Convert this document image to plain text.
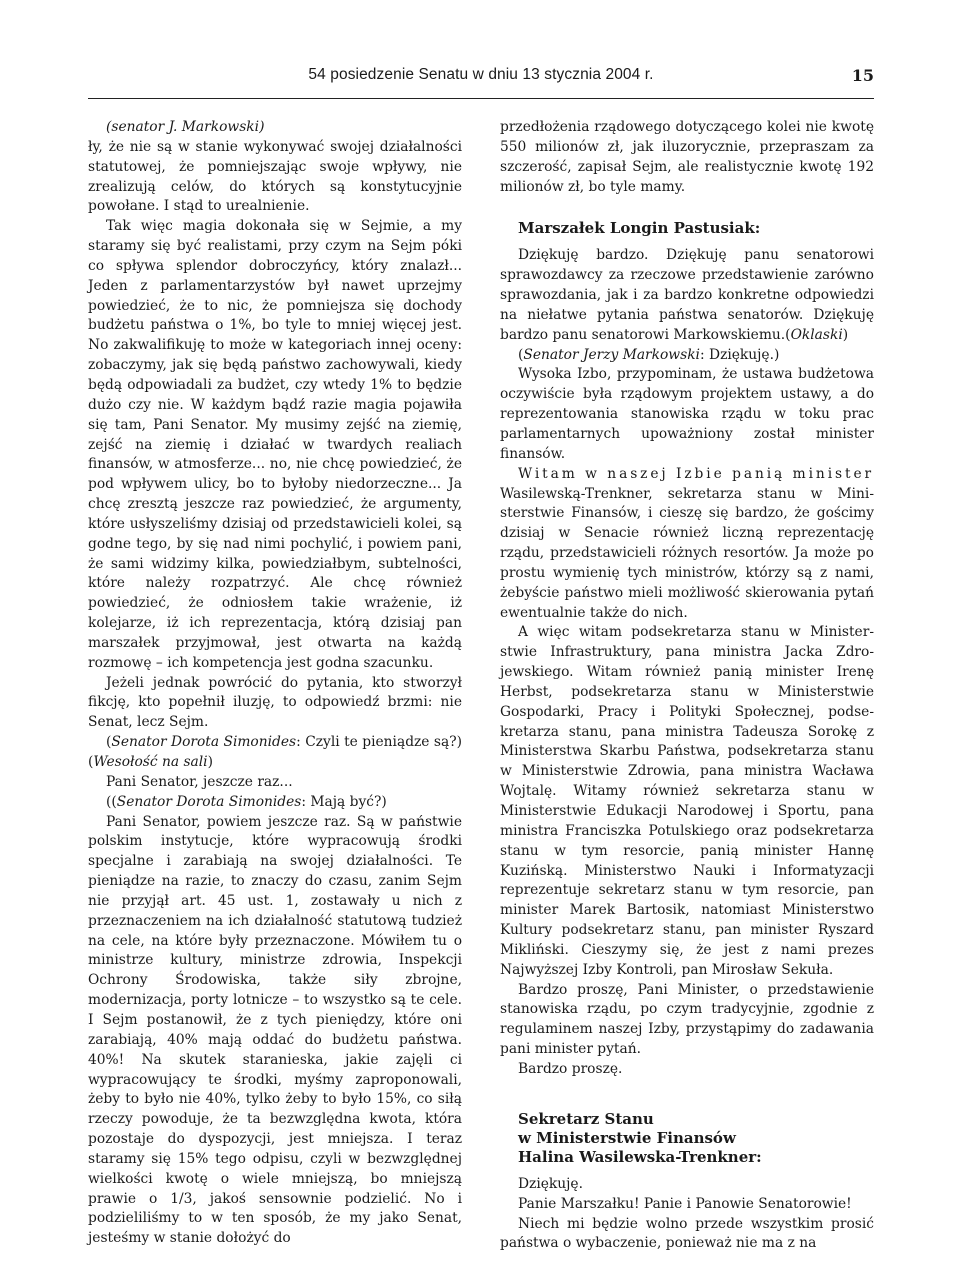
54 posiedzenie Senatu w dniu 13 stycznia 2004 r.	15

(senator J. Markowski)

ły, że nie są w stanie wykonywać swojej działalności statutowej, że pomniejszając swoje wpływy, nie zrealizują celów, do których są konstytucyjnie powołane. I stąd to urealnienie.

Tak więc magia dokonała się w Sejmie, a my staramy się być realistami, przy czym na Sejm póki co spływa splendor dobroczyńcy, który znalazł... Jeden z parlamentarzystów był nawet uprzejmy powiedzieć, że to nic, że pomniejsza się dochody budżetu państwa o 1%, bo tyle to mniej więcej jest. No zakwalifikuję to może w kategoriach innej oceny: zobaczymy, jak się będą państwo zachowywali, kiedy będą odpowiadali za budżet, czy wtedy 1% to będzie dużo czy nie. W każdym bądź razie magia pojawiła się tam, Pani Senator. My musimy zejść na ziemię, zejść na ziemię i działać w twardych realiach finansów, w atmosferze... no, nie chcę powiedzieć, że pod wpływem ulicy, bo to byłoby niedorzeczne... Ja chcę zresztą jeszcze raz powiedzieć, że argumenty, które usłyszeliśmy dzisiaj od przedstawicieli kolei, są godne tego, by się nad nimi pochylić, i powiem pani, że sami widzimy kilka, powiedziałbym, subtelności, które należy rozpatrzyć. Ale chcę również powiedzieć, że odniosłem takie wrażenie, iż kolejarze, iż ich reprezentacja, którą dzisiaj pan marszałek przyjmował, jest otwarta na każdą rozmowę – ich kompetencja jest godna szacunku.

Jeżeli jednak powrócić do pytania, kto stworzył fikcję, kto popełnił iluzję, to odpowiedź brzmi: nie Senat, lecz Sejm.

(Senator Dorota Simonides: Czyli te pieniądze są?) (Wesołość na sali)

Pani Senator, jeszcze raz...

((Senator Dorota Simonides: Mają być?)

Pani Senator, powiem jeszcze raz. Są w państwie polskim instytucje, które wypracowują środki specjalne i zarabiają na swojej działalności. Te pieniądze na razie, to znaczy do czasu, zanim Sejm nie przyjął art. 45 ust. 1, zostawały u nich z przeznaczeniem na ich działalność statutową tudzież na cele, na które były przeznaczone. Mówiłem tu o ministrze kultury, ministrze zdrowia, Inspekcji Ochrony Środowiska, także siły zbrojne, modernizacja, porty lotnicze – to wszystko są te cele. I Sejm postanowił, że z tych pieniędzy, które oni zarabiają, 40% mają oddać do budżetu państwa. 40%! Na skutek staranieska, jakie zajęli ci wypracowujący te środki, myśmy zaproponowali, żeby to było nie 40%, tylko żeby to było 15%, co siłą rzeczy powoduje, że ta bezwzględna kwota, która pozostaje do dyspozycji, jest mniejsza. I teraz staramy się 15% tego odpisu, czyli w bezwzględnej wielkości kwotę o wiele mniejszą, bo mniejszą prawie o 1/3, jakoś sensownie podzielić. No i podzieliliśmy to w ten sposób, że my jako Senat, jesteśmy w stanie dołożyć do

przedłożenia rządowego dotyczącego kolei nie kwotę 550 milionów zł, jak iluzorycznie, przepraszam za szczerość, zapisał Sejm, ale realistycznie kwotę 192 milionów zł, bo tyle mamy.

Marszałek Longin Pastusiak:

Dziękuję bardzo. Dziękuję panu senatorowi sprawozdawcy za rzeczowe przedstawienie zarówno sprawozdania, jak i za bardzo konkretne odpowiedzi na niełatwe pytania państwa senatorów. Dziękuję bardzo panu senatorowi Markowskiemu.(Oklaski)

(Senator Jerzy Markowski: Dziękuję.)

Wysoka Izbo, przypominam, że ustawa budżetowa oczywiście była rządowym projektem ustawy, a do reprezentowania stanowiska rządu w toku prac parlamentarnych upoważniony został minister finansów.

Witam w naszej Izbie panią minister Wasilewską-Trenkner, sekretarza stanu w Ministerstwie Finansów, i cieszę się bardzo, że gościmy dzisiaj w Senacie również liczną reprezentację rządu, przedstawicieli różnych resortów. Ja może po prostu wymienię tych ministrów, którzy są z nami, żebyście państwo mieli możliwość skierowania pytań ewentualnie także do nich.

A więc witam podsekretarza stanu w Ministerstwie Infrastruktury, pana ministra Jacka Zdrojewskiego. Witam również panią minister Irenę Herbst, podsekretarza stanu w Ministerstwie Gospodarki, Pracy i Polityki Społecznej, podsekretarza stanu, pana ministra Tadeusza Sorokę z Ministerstwa Skarbu Państwa, podsekretarza stanu w Ministerstwie Zdrowia, pana ministra Wacława Wojtalę. Witamy również sekretarza stanu w Ministerstwie Edukacji Narodowej i Sportu, pana ministra Franciszka Potulskiego oraz podsekretarza stanu w tym resorcie, panią minister Hannę Kuzińską. Ministerstwo Nauki i Informatyzacji reprezentuje sekretarz stanu w tym resorcie, pan minister Marek Bartosik, natomiast Ministerstwo Kultury podsekretarz stanu, pan minister Ryszard Mikliński. Cieszymy się, że jest z nami prezes Najwyższej Izby Kontroli, pan Mirosław Sekuła.

Bardzo proszę, Pani Minister, o przedstawienie stanowiska rządu, po czym tradycyjnie, zgodnie z regulaminem naszej Izby, przystąpimy do zadawania pani minister pytań.

Bardzo proszę.

Sekretarz Stanu
w Ministerstwie Finansów
Halina Wasilewska-Trenkner:

Dziękuję.

Panie Marszałku! Panie i Panowie Senatorowie!

Niech mi będzie wolno przede wszystkim prosić państwa o wybaczenie, ponieważ nie ma z na
